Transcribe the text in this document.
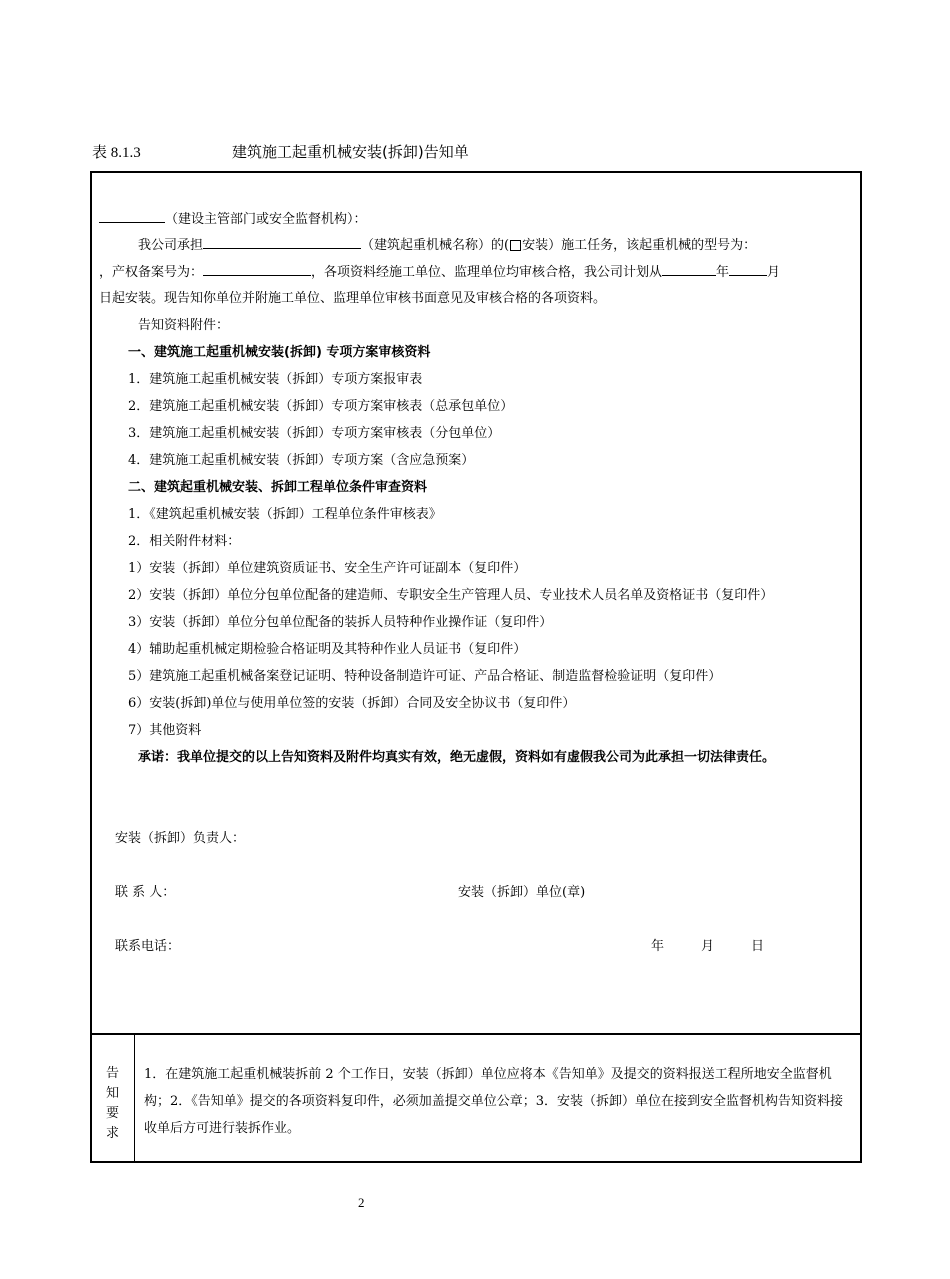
表 8.1.3	建筑施工起重机械安装(拆卸)告知单
（建设主管部门或安全监督机构）：
我公司承担	（建筑起重机械名称）的( 安装）施工任务，该起重机械的型号为：
，产权备案号为：	，各项资料经施工单位、监理单位均审核合格，我公司计划从	年	月
日起安装。现告知你单位并附施工单位、监理单位审核书面意见及审核合格的各项资料。
告知资料附件：
一、建筑施工起重机械安装(拆卸) 专项方案审核资料
1．建筑施工起重机械安装（拆卸）专项方案报审表
2．建筑施工起重机械安装（拆卸）专项方案审核表（总承包单位）
3．建筑施工起重机械安装（拆卸）专项方案审核表（分包单位）
4．建筑施工起重机械安装（拆卸）专项方案（含应急预案）
二、建筑起重机械安装、拆卸工程单位条件审查资料
1．《建筑起重机械安装（拆卸）工程单位条件审核表》
2．相关附件材料：
1）安装（拆卸）单位建筑资质证书、安全生产许可证副本（复印件）
2）安装（拆卸）单位分包单位配备的建造师、专职安全生产管理人员、专业技术人员名单及资格证书（复印件）
3）安装（拆卸）单位分包单位配备的装拆人员特种作业操作证（复印件）
4）辅助起重机械定期检验合格证明及其特种作业人员证书（复印件）
5）建筑施工起重机械备案登记证明、特种设备制造许可证、产品合格证、制造监督检验证明（复印件）
6）安装(拆卸)单位与使用单位签的安装（拆卸）合同及安全协议书（复印件）
7）其他资料
承诺：我单位提交的以上告知资料及附件均真实有效，绝无虚假，资料如有虚假我公司为此承担一切法律责任。
安装（拆卸）负责人：
联 系 人：	安装（拆卸）单位(章)
联系电话：	年	月	日
告
知
要
求
1．在建筑施工起重机械装拆前 2 个工作日，安装（拆卸）单位应将本《告知单》及提交的资料报送工程所地安全监督机构；2．《告知单》提交的各项资料复印件，必须加盖提交单位公章；3．安装（拆卸）单位在接到安全监督机构告知资料接收单后方可进行装拆作业。
2
